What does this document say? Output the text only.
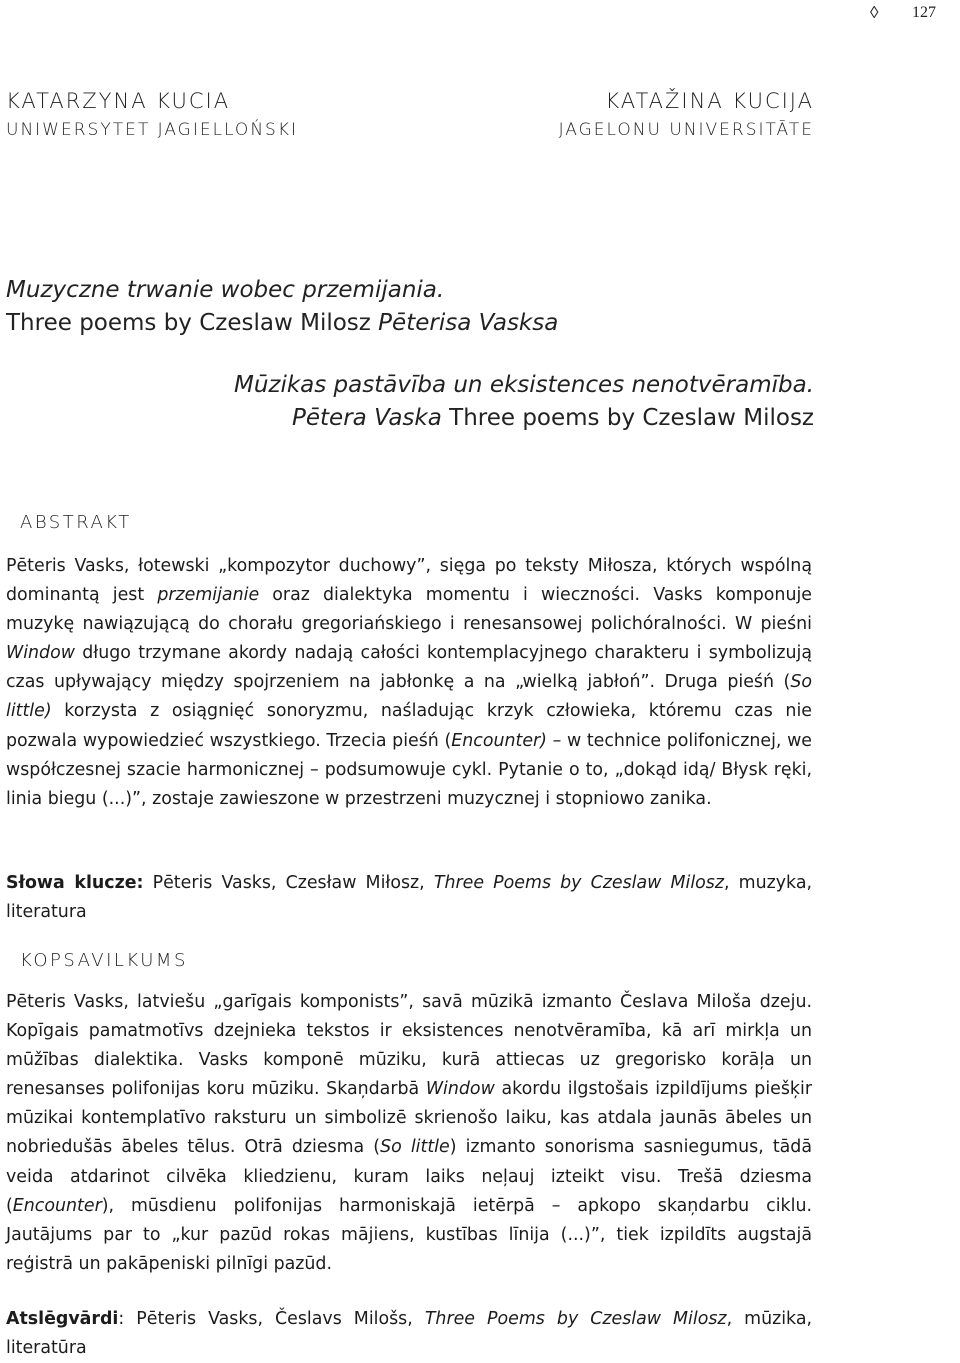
◊ 127
KATARZYNA KUCIA
UNIWERSYTET JAGIELLOŃSKI
KATAŽINA KUCIJA
JAGELONU UNIVERSITĀTE
Muzyczne trwanie wobec przemijania.
Three poems by Czeslaw Milosz Pēterisa Vasksa
Mūzikas pastāvība un eksistences nenotvēramība.
Pētera Vaska Three poems by Czeslaw Milosz
ABSTRAKT
Pēteris Vasks, łotewski „kompozytor duchowy”, sięga po teksty Miłosza, których wspólną dominantą jest przemijanie oraz dialektyka momentu i wieczności. Vasks komponuje muzykę nawiązującą do chorału gregoriańskiego i renesansowej polichóralności. W pieśni Window długo trzymane akordy nadają całości kontemplacyjnego charakteru i symbolizują czas upływający między spojrzeniem na jabłonkę a na „wielką jabłoń”. Druga pieśń (So little) korzysta z osiągnięć sonoryzmu, naśladując krzyk człowieka, któremu czas nie pozwala wypowiedzieć wszystkiego. Trzecia pieśń (Encounter) – w technice polifonicznej, we współczesnej szacie harmonicznej – podsumowuje cykl. Pytanie o to, „dokąd idą/ Błysk ręki, linia biegu (...)”, zostaje zawieszone w przestrzeni muzycznej i stopniowo zanika.
Słowa klucze: Pēteris Vasks, Czesław Miłosz, Three Poems by Czeslaw Milosz, muzyka, literatura
KOPSAVILKUMS
Pēteris Vasks, latviešu „garīgais komponists”, savā mūzikā izmanto Česlava Miloša dzeju. Kopīgais pamatmotīvs dzejnieka tekstos ir eksistences nenotvēramība, kā arī mirkļa un mūžības dialektika. Vasks komponē mūziku, kurā attiecas uz gregorisko korāļa un renesanses polifonijas koru mūziku. Skaņdarbā Window akordu ilgstošais izpildījums piešķir mūzikai kontemplatīvo raksturu un simbolizē skrienošo laiku, kas atdala jaunās ābeles un nobriedušās ābeles tēlus. Otrā dziesma (So little) izmanto sonorisma sasniegumus, tādā veida atdarinot cilvēka kliedzienu, kuram laiks neļauj izteikt visu. Trešā dziesma (Encounter), mūsdienu polifonijas harmoniskajā ietērpā – apkopo skaņdarbu ciklu. Jautājums par to „kur pazūd rokas mājiens, kustības līnija (...)”, tiek izpildīts augstajā reģistrā un pakāpeniski pilnīgi pazūd.
Atslēgvārdi: Pēteris Vasks, Česlavs Milošs, Three Poems by Czeslaw Milosz, mūzika, literatūra
